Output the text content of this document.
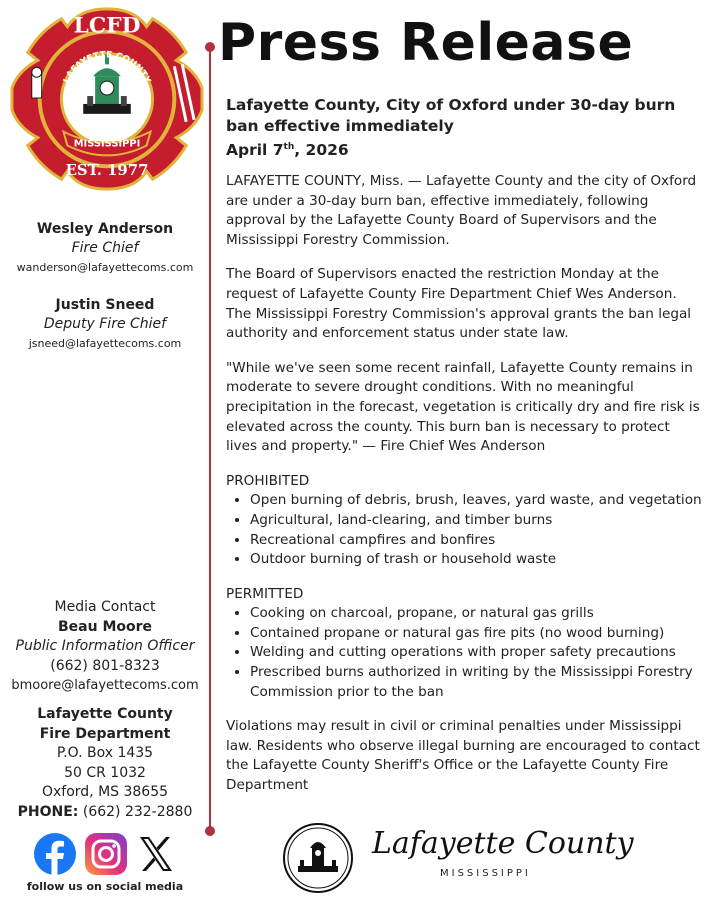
LCFD
LAFAYETTE COUNTY
MISSISSIPPI
EST. 1977
Press Release
Wesley Anderson
Fire Chief
wanderson@lafayettecoms.com
Justin Sneed
Deputy Fire Chief
jsneed@lafayettecoms.com
Media Contact
Beau Moore
Public Information Officer
(662) 801-8323
bmoore@lafayettecoms.com
Lafayette County Fire Department
P.O. Box 1435
50 CR 1032
Oxford, MS 38655
PHONE: (662) 232-2880
follow us on social media
Lafayette County, City of Oxford under 30-day burn ban effective immediately
April 7th, 2026

LAFAYETTE COUNTY, Miss. — Lafayette County and the city of Oxford are under a 30-day burn ban, effective immediately, following approval by the Lafayette County Board of Supervisors and the Mississippi Forestry Commission.

The Board of Supervisors enacted the restriction Monday at the request of Lafayette County Fire Department Chief Wes Anderson. The Mississippi Forestry Commission's approval grants the ban legal authority and enforcement status under state law.

"While we've seen some recent rainfall, Lafayette County remains in moderate to severe drought conditions. With no meaningful precipitation in the forecast, vegetation is critically dry and fire risk is elevated across the county. This burn ban is necessary to protect lives and property." — Fire Chief Wes Anderson

PROHIBITED
• Open burning of debris, brush, leaves, yard waste, and vegetation
• Agricultural, land-clearing, and timber burns
• Recreational campfires and bonfires
• Outdoor burning of trash or household waste
PERMITTED
• Cooking on charcoal, propane, or natural gas grills
• Contained propane or natural gas fire pits (no wood burning)
• Welding and cutting operations with proper safety precautions
• Prescribed burns authorized in writing by the Mississippi Forestry Commission prior to the ban

Violations may result in civil or criminal penalties under Mississippi law. Residents who observe illegal burning are encouraged to contact the Lafayette County Sheriff's Office or the Lafayette County Fire Department

Lafayette County
MISSISSIPPI
